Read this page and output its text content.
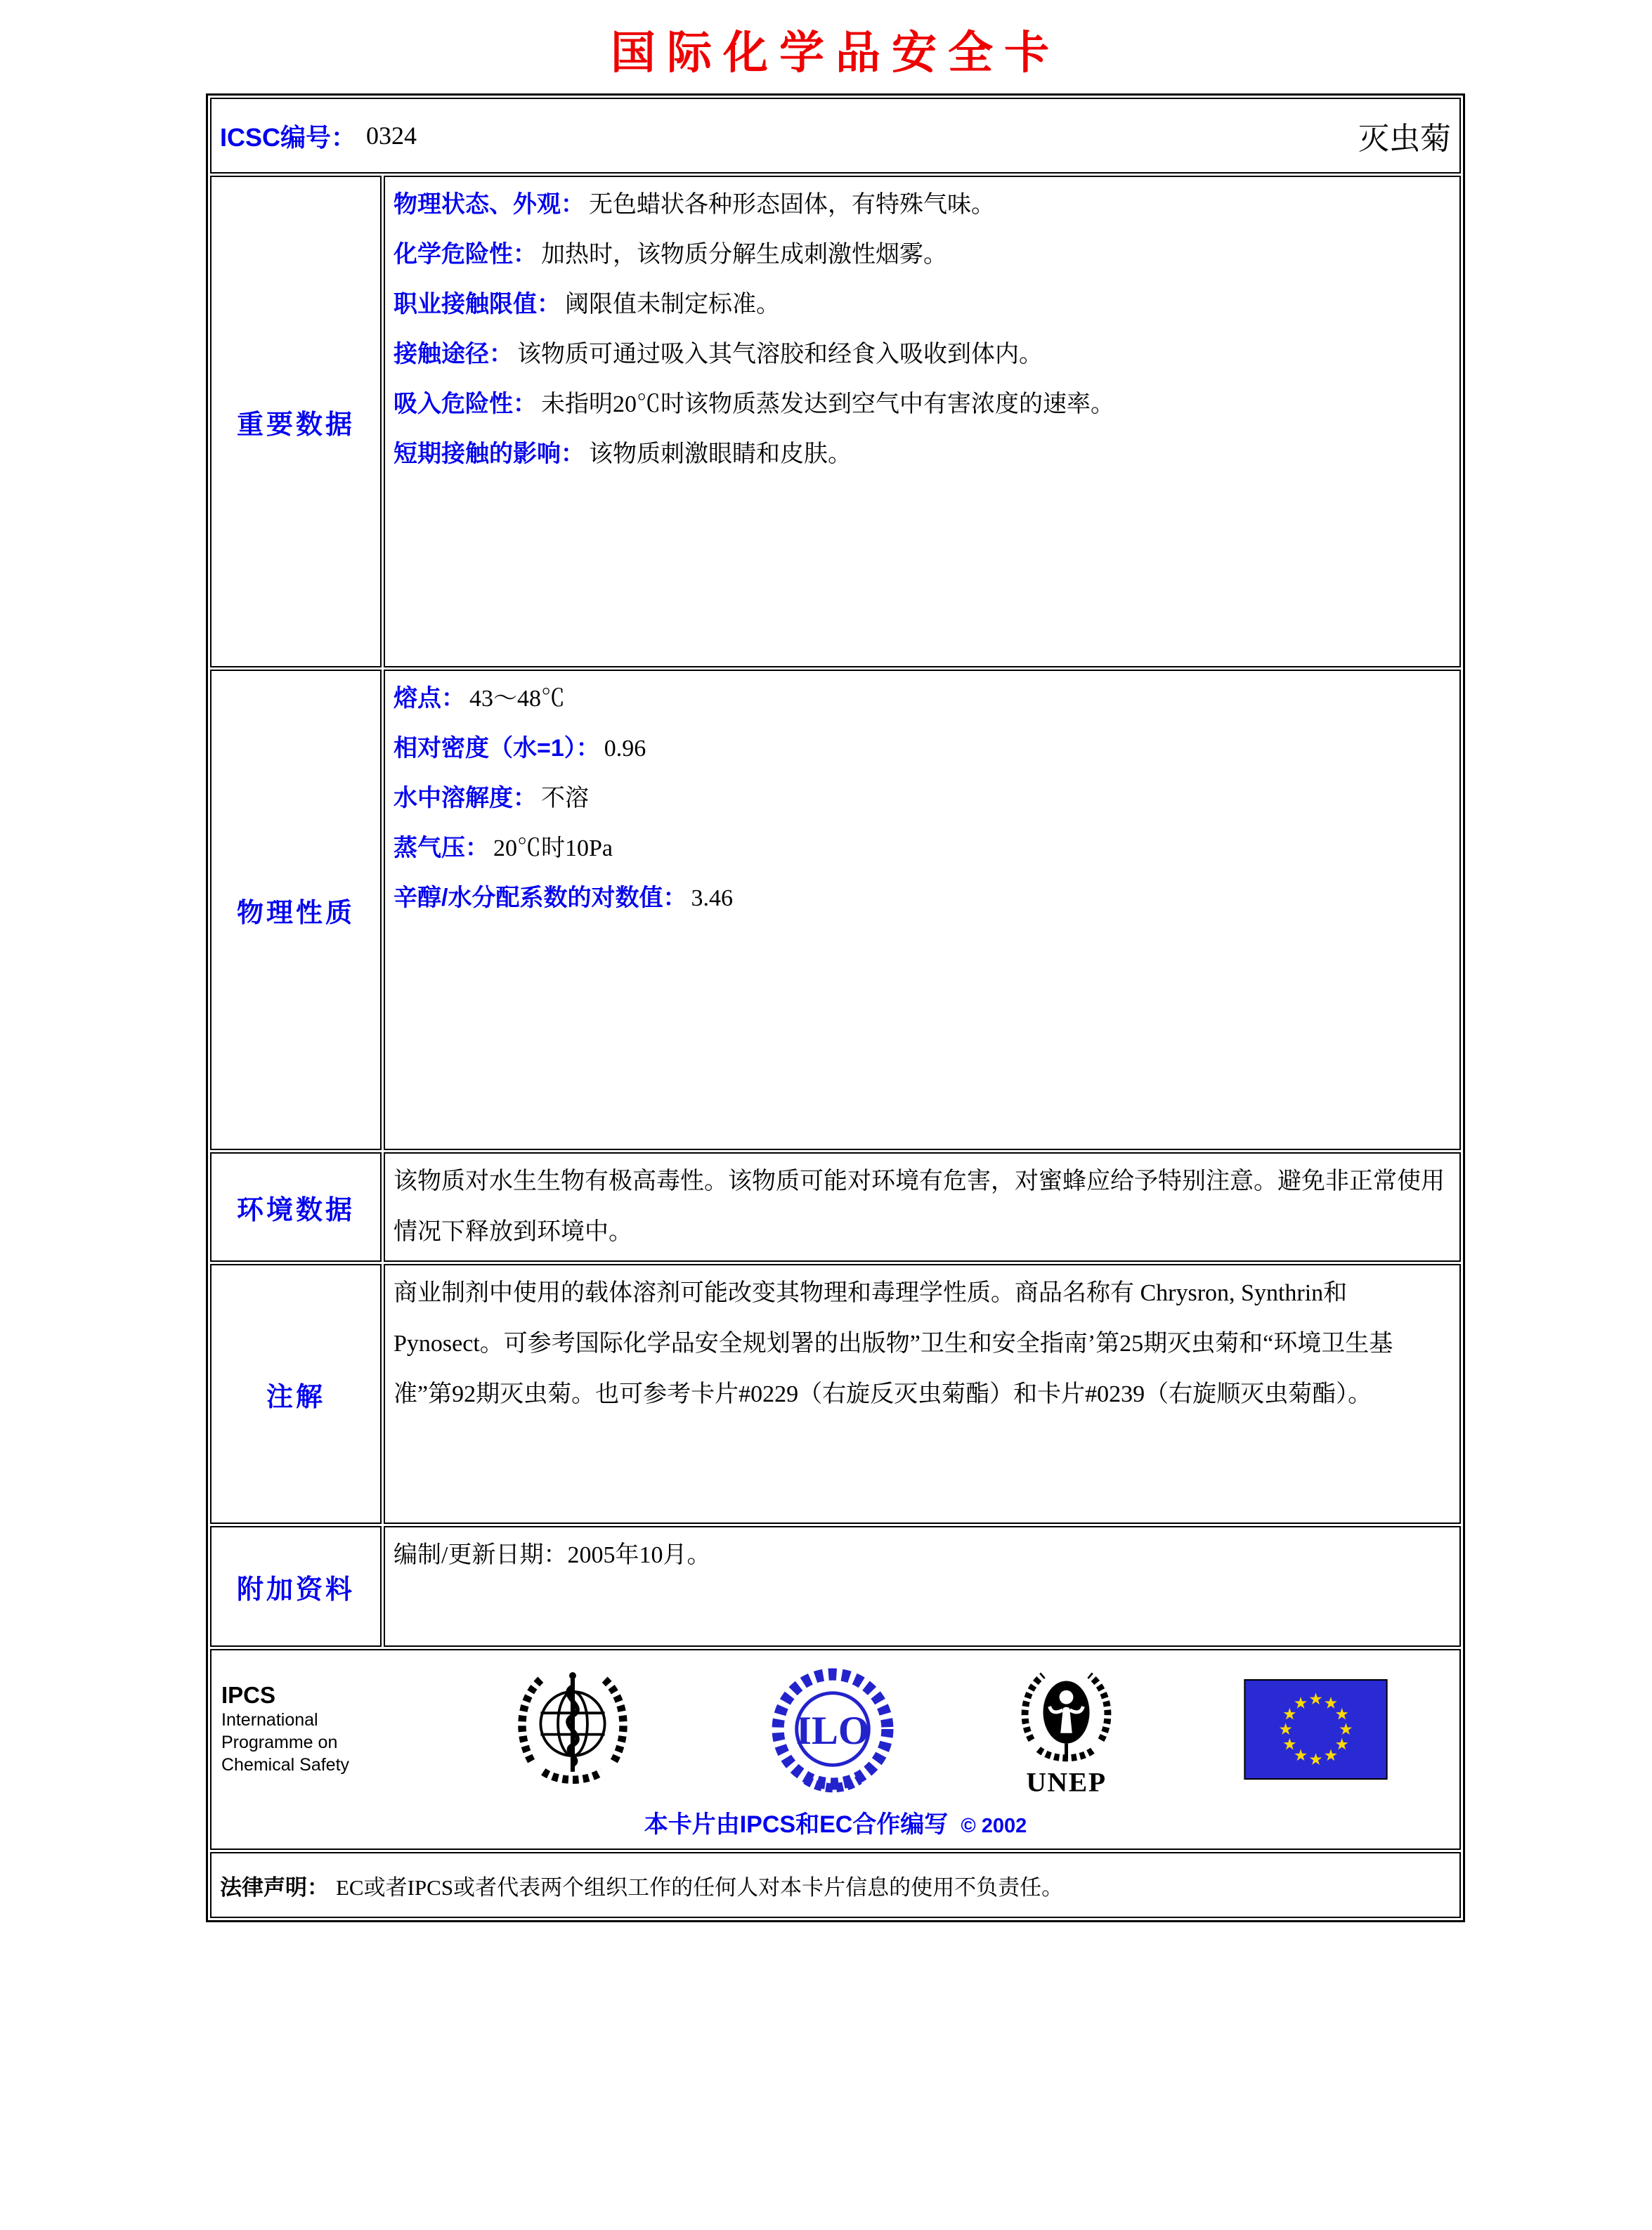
国际化学品安全卡
ICSC编号： 0324 灭虫菊	

重要数据

物理状态、外观： 无色蜡状各种形态固体，有特殊气味。
化学危险性： 加热时，该物质分解生成刺激性烟雾。
职业接触限值： 阈限值未制定标准。
接触途径： 该物质可通过吸入其气溶胶和经食入吸收到体内。
吸入危险性： 未指明20℃时该物质蒸发达到空气中有害浓度的速率。
短期接触的影响： 该物质刺激眼睛和皮肤。

物理性质	熔点： 43～48℃
相对密度（水=1）： 0.96
水中溶解度： 不溶
蒸气压： 20℃时10Pa
辛醇/水分配系数的对数值： 3.46

环境数据	该物质对水生生物有极高毒性。该物质可能对环境有危害，对蜜蜂应给予特别注意。避免非正常使用情况下释放到环境中。

注解	商业制剂中使用的载体溶剂可能改变其物理和毒理学性质。商品名称有 Chrysron, Synthrin和 Pynosect。可参考国际化学品安全规划署的出版物”卫生和安全指南’第25期灭虫菊和“环境卫生基准”第92期灭虫菊。也可参考卡片#0229（右旋反灭虫菊酯）和卡片#0239（右旋顺灭虫菊酯）。

附加资料	编制/更新日期：2005年10月。

IPCS
International
Programme on
Chemical Safety
ILO
UNEP
本卡片由IPCS和EC合作编写 © 2002

法律声明： EC或者IPCS或者代表两个组织工作的任何人对本卡片信息的使用不负责任。	
